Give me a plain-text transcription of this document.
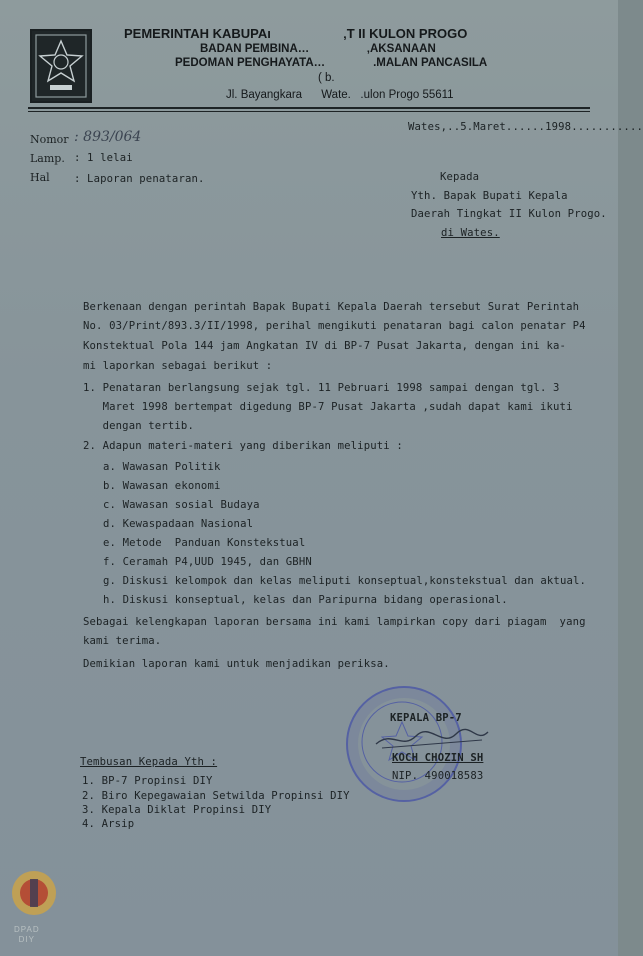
PEMERINTAH KABUPAı                    ‚T II KULON PROGO
BADAN PEMBINA…                  ‚AKSANAAN
PEDOMAN PENGHAYATA…               .MALAN PANCASILA
( b.
Jl. Bayangkara      Wate.   .ulon Progo 55611
Wates,..5.Maret......1998...........
Nomor : 893/064
Lamp. : 1 lelai
Hal : Laporan penataran.	Kepada
Yth. Bapak Bupati Kepala
Daerah Tingkat II Kulon Progo.
di Wates.
Berkenaan dengan perintah Bapak Bupati Kepala Daerah tersebut Surat Perintah
No. 03/Print/893.3/II/1998, perihal mengikuti penataran bagi calon penatar P4
Konstektual Pola 144 jam Angkatan IV di BP-7 Pusat Jakarta, dengan ini ka-
mi laporkan sebagai berikut :
1. Penataran berlangsung sejak tgl. 11 Pebruari 1998 sampai dengan tgl. 3
Maret 1998 bertempat digedung BP-7 Pusat Jakarta ,sudah dapat kami ikuti
dengan tertib.
2. Adapun materi-materi yang diberikan meliputi :
a. Wawasan Politik
b. Wawasan ekonomi
c. Wawasan sosial Budaya
d. Kewaspadaan Nasional
e. Metode  Panduan Konstekstual
f. Ceramah P4,UUD 1945, dan GBHN
g. Diskusi kelompok dan kelas meliputi konseptual,konstekstual dan aktual.
h. Diskusi konseptual, kelas dan Paripurna bidang operasional.
Sebagai kelengkapan laporan bersama ini kami lampirkan copy dari piagam  yang
kami terima.
Demikian laporan kami untuk menjadikan periksa.
KEPALA BP-7
KOCH CHOZIN SH
NIP. 490018583
Tembusan Kepada Yth :
1. BP-7 Propinsi DIY
2. Biro Kepegawaian Setwilda Propinsi DIY
3. Kepala Diklat Propinsi DIY
4. Arsip
DPAD
DIY
